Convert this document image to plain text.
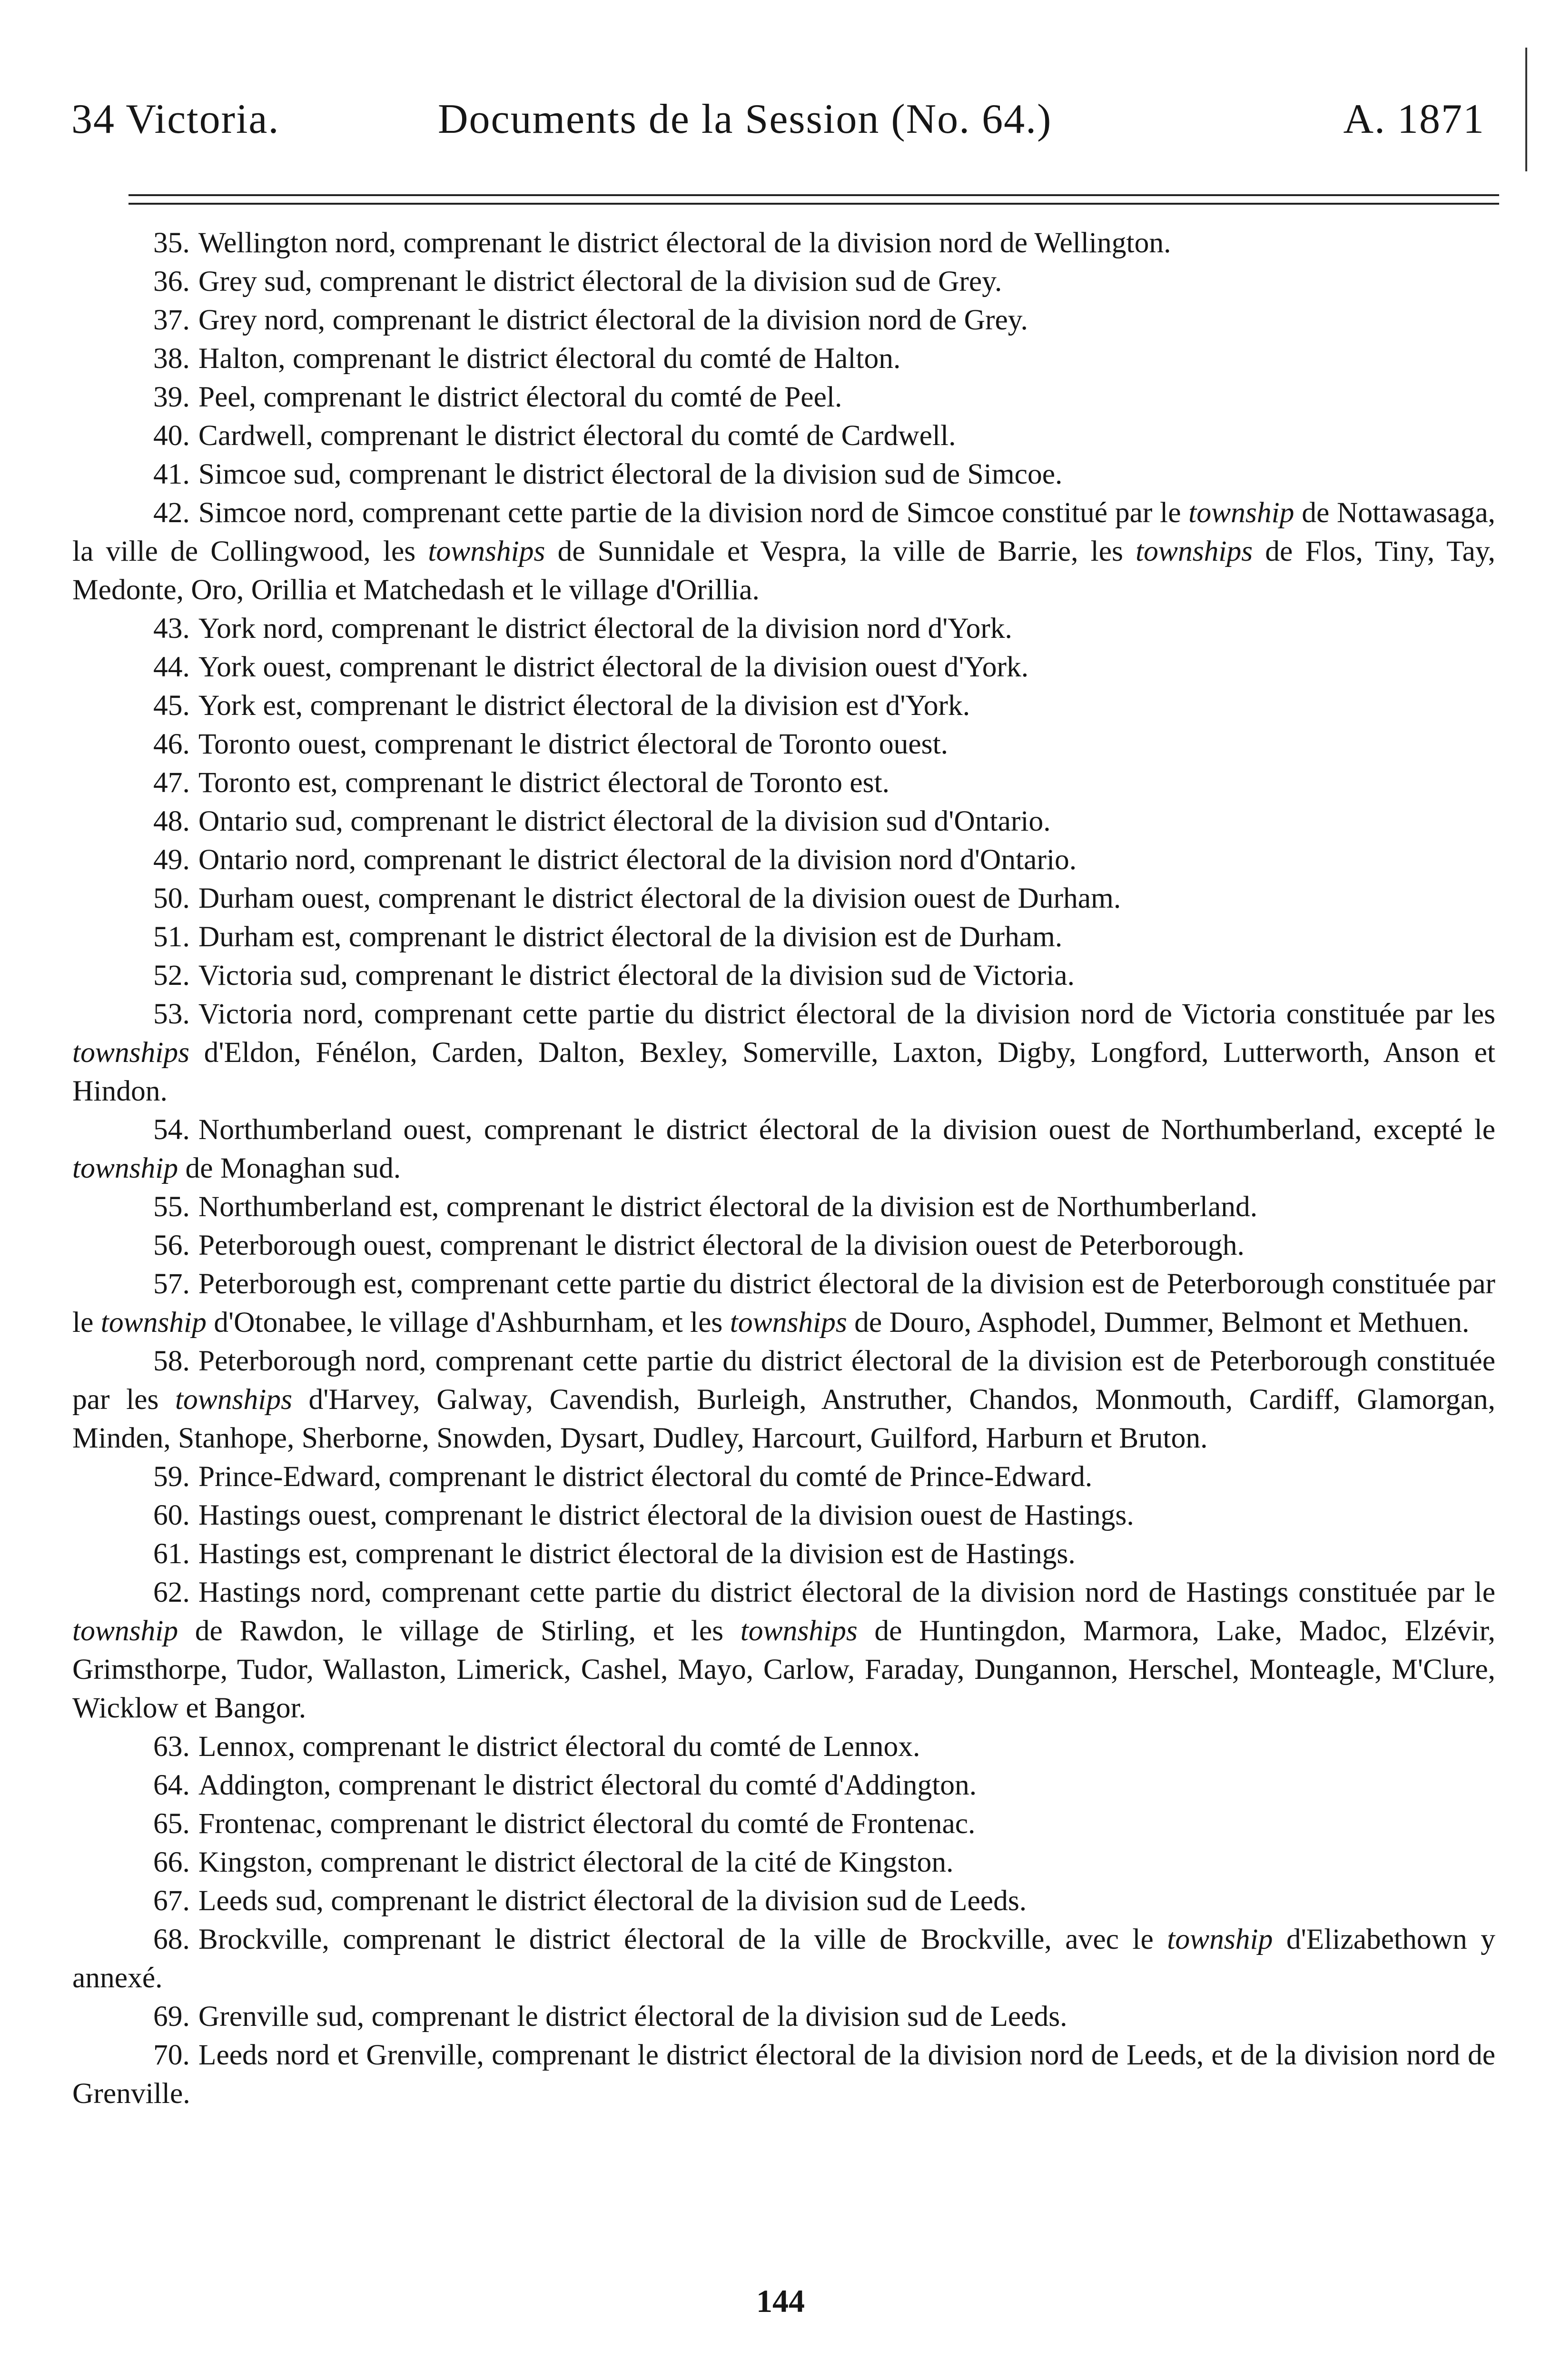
34 Victoria.	Documents de la Session (No. 64.)	A. 1871

35. Wellington nord, comprenant le district électoral de la division nord de Wellington.

36. Grey sud, comprenant le district électoral de la division sud de Grey.

37. Grey nord, comprenant le district électoral de la division nord de Grey.

38. Halton, comprenant le district électoral du comté de Halton.

39. Peel, comprenant le district électoral du comté de Peel.

40. Cardwell, comprenant le district électoral du comté de Cardwell.

41. Simcoe sud, comprenant le district électoral de la division sud de Simcoe.

42. Simcoe nord, comprenant cette partie de la division nord de Simcoe constitué par le township de Nottawasaga, la ville de Collingwood, les townships de Sunnidale et Vespra, la ville de Barrie, les townships de Flos, Tiny, Tay, Medonte, Oro, Orillia et Matchedash et le village d'Orillia.

43. York nord, comprenant le district électoral de la division nord d'York.

44. York ouest, comprenant le district électoral de la division ouest d'York.

45. York est, comprenant le district électoral de la division est d'York.

46. Toronto ouest, comprenant le district électoral de Toronto ouest.

47. Toronto est, comprenant le district électoral de Toronto est.

48. Ontario sud, comprenant le district électoral de la division sud d'Ontario.

49. Ontario nord, comprenant le district électoral de la division nord d'Ontario.

50. Durham ouest, comprenant le district électoral de la division ouest de Durham.

51. Durham est, comprenant le district électoral de la division est de Durham.

52. Victoria sud, comprenant le district électoral de la division sud de Victoria.

53. Victoria nord, comprenant cette partie du district électoral de la division nord de Victoria constituée par les townships d'Eldon, Fénélon, Carden, Dalton, Bexley, Somerville, Laxton, Digby, Longford, Lutterworth, Anson et Hindon.

54. Northumberland ouest, comprenant le district électoral de la division ouest de Northumberland, excepté le township de Monaghan sud.

55. Northumberland est, comprenant le district électoral de la division est de Northumberland.

56. Peterborough ouest, comprenant le district électoral de la division ouest de Peterborough.

57. Peterborough est, comprenant cette partie du district électoral de la division est de Peterborough constituée par le township d'Otonabee, le village d'Ashburnham, et les townships de Douro, Asphodel, Dummer, Belmont et Methuen.

58. Peterborough nord, comprenant cette partie du district électoral de la division est de Peterborough constituée par les townships d'Harvey, Galway, Cavendish, Burleigh, Anstruther, Chandos, Monmouth, Cardiff, Glamorgan, Minden, Stanhope, Sherborne, Snowden, Dysart, Dudley, Harcourt, Guilford, Harburn et Bruton.

59. Prince-Edward, comprenant le district électoral du comté de Prince-Edward.

60. Hastings ouest, comprenant le district électoral de la division ouest de Hastings.

61. Hastings est, comprenant le district électoral de la division est de Hastings.

62. Hastings nord, comprenant cette partie du district électoral de la division nord de Hastings constituée par le township de Rawdon, le village de Stirling, et les townships de Huntingdon, Marmora, Lake, Madoc, Elzévir, Grimsthorpe, Tudor, Wallaston, Limerick, Cashel, Mayo, Carlow, Faraday, Dungannon, Herschel, Monteagle, M'Clure, Wicklow et Bangor.

63. Lennox, comprenant le district électoral du comté de Lennox.

64. Addington, comprenant le district électoral du comté d'Addington.

65. Frontenac, comprenant le district électoral du comté de Frontenac.

66. Kingston, comprenant le district électoral de la cité de Kingston.

67. Leeds sud, comprenant le district électoral de la division sud de Leeds.

68. Brockville, comprenant le district électoral de la ville de Brockville, avec le township d'Elizabethown y annexé.

69. Grenville sud, comprenant le district électoral de la division sud de Leeds.

70. Leeds nord et Grenville, comprenant le district électoral de la division nord de Leeds, et de la division nord de Grenville.

144
